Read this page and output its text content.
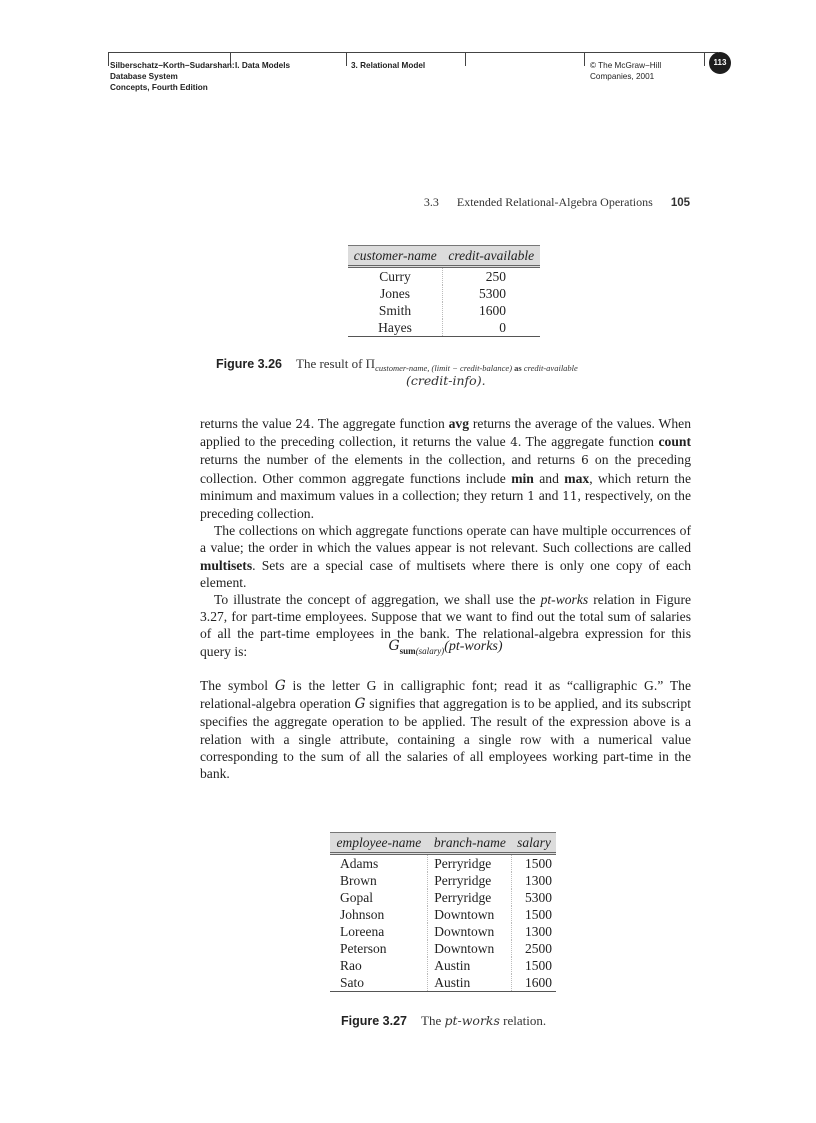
Silberschatz−Korth−Sudarshan:
Database System
Concepts, Fourth Edition
I. Data Models	3. Relational Model	© The McGraw−Hill
Companies, 2001
113
3.3 Extended Relational-Algebra Operations 105
customer-name	credit-available
Curry	250
Jones	5300
Smith	1600
Hayes	0
Figure 3.26 The result of $\Pi_{customer-name, (limit - credit-balance) as credit-available}$
(credit-info).

returns the value 24. The aggregate function avg returns the average of the values. When applied to the preceding collection, it returns the value 4. The aggregate function count returns the number of the elements in the collection, and returns 6 on the preceding collection. Other common aggregate functions include min and max, which return the minimum and maximum values in a collection; they return 1 and 11, respectively, on the preceding collection.

The collections on which aggregate functions operate can have multiple occurrences of a value; the order in which the values appear is not relevant. Such collections are called multisets. Sets are a special case of multisets where there is only one copy of each element.

To illustrate the concept of aggregation, we shall use the pt-works relation in Figure 3.27, for part-time employees. Suppose that we want to find out the total sum of salaries of all the part-time employees in the bank. The relational-algebra expression for this query is:	$G_{sum(salary)}(pt-works)$

The symbol G is the letter G in calligraphic font; read it as “calligraphic G.” The relational-algebra operation G signifies that aggregation is to be applied, and its subscript specifies the aggregate operation to be applied. The result of the expression above is a relation with a single attribute, containing a single row with a numerical value corresponding to the sum of all the salaries of all employees working part-time in the bank.

employee-name	branch-name	salary
Adams	Perryridge	1500
Brown	Perryridge	1300
Gopal	Perryridge	5300
Johnson	Downtown	1500
Loreena	Downtown	1300
Peterson	Downtown	2500
Rao	Austin	1500
Sato	Austin	1600
Figure 3.27 The pt-works relation.
